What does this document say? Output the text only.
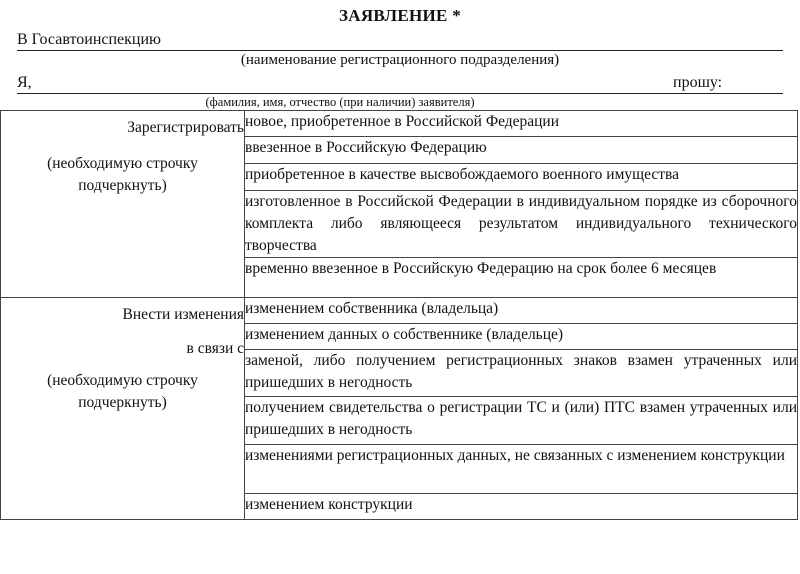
ЗАЯВЛЕНИЕ *
В Госавтоинспекцию
(наименование регистрационного подразделения)
Я,	прошу:
(фамилия, имя, отчество (при наличии) заявителя)
Зарегистрировать
(необходимую строчку подчеркнуть)	новое, приобретенное в Российской Федерации
	ввезенное в Российскую Федерацию
	приобретенное в качестве высвобождаемого военного имущества
	изготовленное в Российской Федерации в индивидуальном порядке из сборочного комплекта либо являющееся результатом индивидуального технического творчества
	временно ввезенное в Российскую Федерацию на срок более 6 месяцев

Внести изменения
в связи с
(необходимую строчку подчеркнуть)	изменением собственника (владельца)
	изменением данных о собственнике (владельце)
	заменой, либо получением регистрационных знаков взамен утраченных или пришедших в негодность
	получением свидетельства о регистрации ТС и (или) ПТС взамен утраченных или пришедших в негодность
	изменениями регистрационных данных, не связанных с изменением конструкции
	изменением конструкции
